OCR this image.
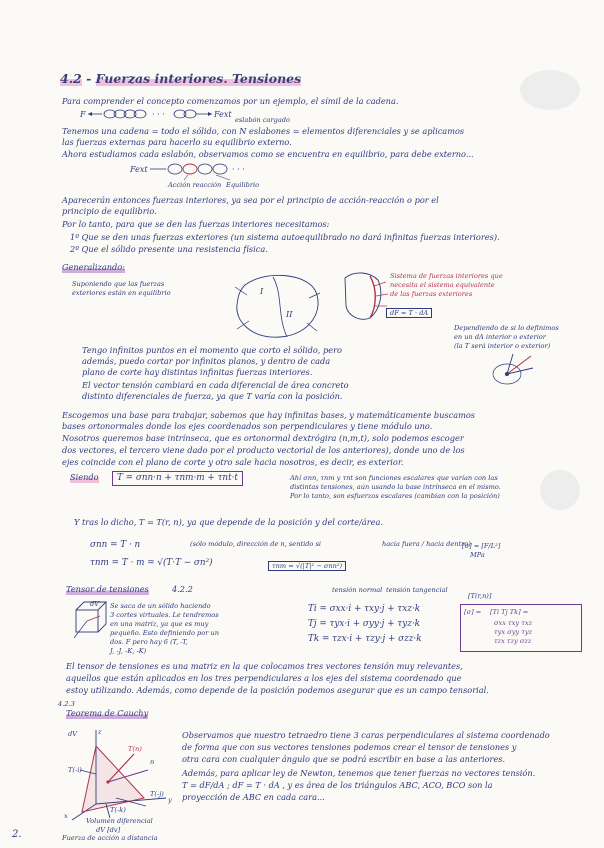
4.2 - Fuerzas interiores. Tensiones
Para comprender el concepto comenzamos por un ejemplo, el símil de la cadena.
F	· · ·	Fext
eslabón cargado
Tenemos una cadena = todo el sólido, con N eslabones = elementos diferenciales y se aplicamos
las fuerzas externas para hacerlo su equilibrio externo.
Ahora estudiamos cada eslabón, observamos como se encuentra en equilibrio, para debe externo...
Fext	· · ·
Acción reacción Equilibrio
Aparecerán entonces fuerzas interiores, ya sea por el principio de acción-reacción o por el
principio de equilibrio.
Por lo tanto, para que se den las fuerzas interiores necesitamos:
1º Que se den unas fuerzas exteriores (un sistema autoequilibrado no dará infinitas fuerzas interiores).
2º Que el sólido presente una resistencia física.
Generalizando:
Suponiendo que las fuerzas
exteriores están en equilibrio	I
II
Sistema de fuerzas interiores que
necesita el sistema equivalente
de las fuerzas exteriores
dF = T · dA
Dependiendo de si lo definimos
en un dA interior o exterior
(la T será interior o exterior)
Tengo infinitos puntos en el momento que corto el sólido, pero
además, puedo cortar por infinitos planos, y dentro de cada
plano de corte hay distintas infinitas fuerzas interiores.
El vector tensión cambiará en cada diferencial de área concreto
distinto diferenciales de fuerza, ya que T varía con la posición.
Escogemos una base para trabajar, sabemos que hay infinitas bases, y matemáticamente buscamos
bases ortonormales donde los ejes coordenados son perpendiculares y tiene módulo uno.
Nosotros queremos base intrínseca, que es ortonormal dextrógira (n,m,t), solo podemos escoger
dos vectores, el tercero viene dado por el producto vectorial de los anteriores), donde uno de los
ejes coincide con el plano de corte y otro sale hacia nosotros, es decir, es exterior.
Siendo	T = σnn·n + τnm·m + τnt·t	Ahí σnn, τnm y τnt son funciones escalares que varían con las
distintas tensiones, aún usando la base intrínseca en el mismo.
Por lo tanto, son esfuerzos escalares (cambian con la posición)
Y tras lo dicho, T = T(r, n), ya que depende de la posición y del corte/área.
σnn = T · n	(sólo módulo, dirección de n, sentido si	hacia fuera / hacia dentro)
[σ] = [F/L²]
MPa
τnm = T · m = √(T·T − σn²)	τnm = √(|T|² − σnn²)
Tensor de tensiones	4.2.2
dV Se saca de un sólido haciendo
3 cortes virtuales. Le tendremos
en una matriz, ya que es muy
pequeño. Esto definiendo por un
dos. F pero hay 6 (T, -T,
J, -J, -K, -K)
tensión normal tensión tangencial
Ti = σxx·i + τxy·j + τxz·k
Tj = τyx·i + σyy·j + τyz·k
Tk = τzx·i + τzy·j + σzz·k
[T(r,n)]
[σ] = [Ti Tj Tk] =
σxx τxy τxz
τyx σyy τyz
τzx τzy σzz
El tensor de tensiones es una matriz en la que colocamos tres vectores tensión muy relevantes,
aquellos que están aplicados en los tres perpendiculares a los ejes del sistema coordenado que
estoy utilizando. Además, como depende de la posición podemos asegurar que es un campo tensorial.
4.2.3
Teorema de Cauchy
dV	z
T(n)
n
T(-i)
T(-j)
T(-k)
y
x
Volumen diferencial
dV [dv]
Fuerza de acción a distancia
Observamos que nuestro tetraedro tiene 3 caras perpendiculares al sistema coordenado
de forma que con sus vectores tensiones podemos crear el tensor de tensiones y
otra cara con cualquier ángulo que se podrá escribir en base a las anteriores.
Además, para aplicar ley de Newton, tenemos que tener fuerzas no vectores tensión.
T = dF/dA ; dF = T · dA , y es área de los triángulos ABC, ACO, BCO son la
proyección de ABC en cada cara...
2.
